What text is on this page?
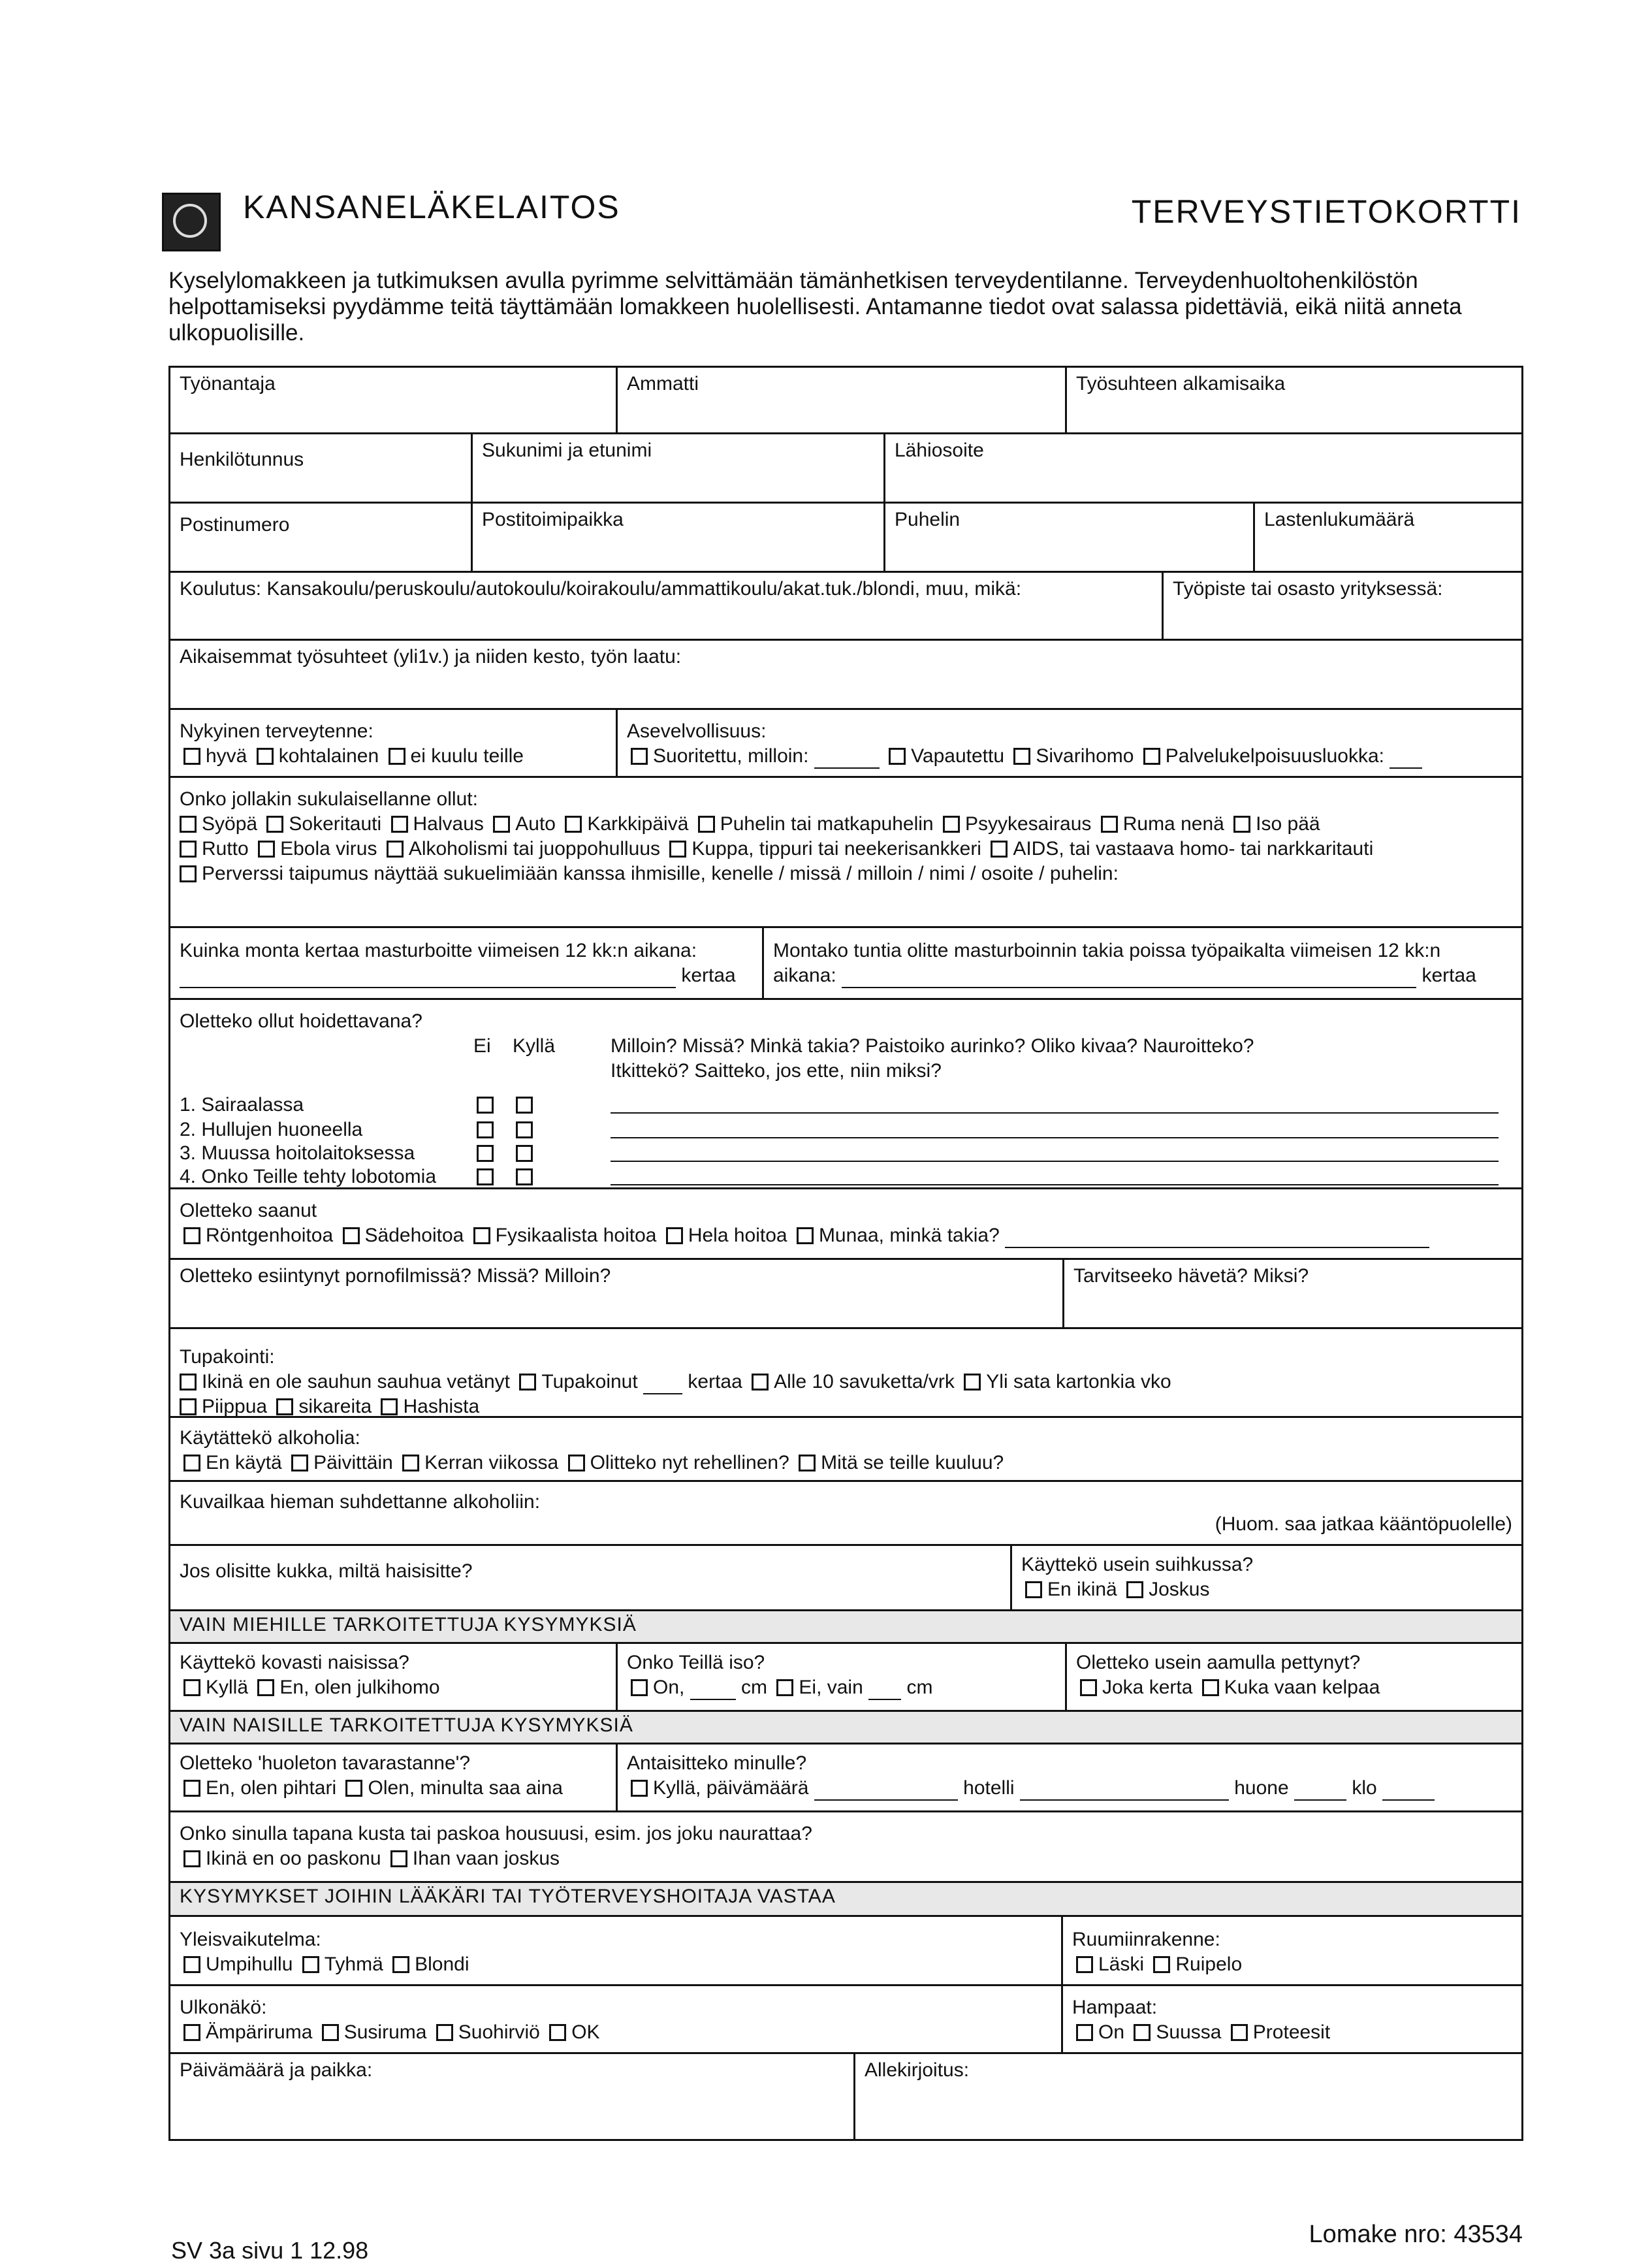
KANSANELÄKELAITOS	TERVEYSTIETOKORTTI
Kyselylomakkeen ja tutkimuksen avulla pyrimme selvittämään tämänhetkisen terveydentilanne. Terveydenhuoltohenkilöstön helpottamiseksi pyydämme teitä täyttämään lomakkeen huolellisesti. Antamanne tiedot ovat salassa pidettäviä, eikä niitä anneta ulkopuolisille.
Työnantaja	Ammatti	Työsuhteen alkamisaika
Henkilötunnus	Sukunimi ja etunimi	Lähiosoite
Postinumero	Postitoimipaikka	Puhelin	Lastenlukumäärä
Koulutus: Kansakoulu/peruskoulu/autokoulu/koirakoulu/ammattikoulu/akat.tuk./blondi, muu, mikä:	Työpiste tai osasto yrityksessä:
Aikaisemmat työsuhteet (yli1v.) ja niiden kesto, työn laatu:
Nykyinen terveytenne:
hyvä kohtalainen ei kuulu teille
Asevelvollisuus:
Suoritettu, milloin:	Vapautettu Sivarihomo Palvelukelpoisuusluokka:
Onko jollakin sukulaisellanne ollut:
Syöpä Sokeritauti Halvaus Auto Karkkipäivä Puhelin tai matkapuhelin Psyykesairaus Ruma nenä Iso pää
Rutto Ebola virus Alkoholismi tai juoppohulluus Kuppa, tippuri tai neekerisankkeri AIDS, tai vastaava homo- tai narkkaritauti
Perverssi taipumus näyttää sukuelimiään kanssa ihmisille, kenelle / missä / milloin / nimi / osoite / puhelin:
Kuinka monta kertaa masturboitte viimeisen 12 kk:n aikana:
kertaa
Montako tuntia olitte masturboinnin takia poissa työpaikalta viimeisen 12 kk:n
aikana:	kertaa
Oletteko ollut hoidettavana?
Ei Kyllä	Milloin? Missä? Minkä takia? Paistoiko aurinko? Oliko kivaa? Nauroitteko?
Itkittekö? Saitteko, jos ette, niin miksi?
1. Sairaalassa
2. Hullujen huoneella
3. Muussa hoitolaitoksessa
4. Onko Teille tehty lobotomia
Oletteko saanut
Röntgenhoitoa Sädehoitoa Fysikaalista hoitoa Hela hoitoa Munaa, minkä takia?
Oletteko esiintynyt pornofilmissä? Missä? Milloin?	Tarvitseeko hävetä? Miksi?
Tupakointi:
Ikinä en ole sauhun sauhua vetänyt Tupakoinut	kertaa Alle 10 savuketta/vrk Yli sata kartonkia vko
Piippua sikareita Hashista
Käytättekö alkoholia:
En käytä Päivittäin Kerran viikossa Olitteko nyt rehellinen? Mitä se teille kuuluu?
Kuvailkaa hieman suhdettanne alkoholiin:
(Huom. saa jatkaa kääntöpuolelle)
Jos olisitte kukka, miltä haisisitte?	Käyttekö usein suihkussa?
En ikinä Joskus
VAIN MIEHILLE TARKOITETTUJA KYSYMYKSIÄ
Käyttekö kovasti naisissa?
Kyllä En, olen julkihomo
Onko Teillä iso?
On,	cm Ei, vain cm
Oletteko usein aamulla pettynyt?
Joka kerta Kuka vaan kelpaa
VAIN NAISILLE TARKOITETTUJA KYSYMYKSIÄ
Oletteko 'huoleton tavarastanne'?
En, olen pihtari Olen, minulta saa aina
Antaisitteko minulle?
Kyllä, päivämäärä	hotelli	huone	klo
Onko sinulla tapana kusta tai paskoa housuusi, esim. jos joku naurattaa?
Ikinä en oo paskonu Ihan vaan joskus
KYSYMYKSET JOIHIN LÄÄKÄRI TAI TYÖTERVEYSHOITAJA VASTAA
Yleisvaikutelma:
Umpihullu Tyhmä Blondi
Ruumiinrakenne:
Läski Ruipelo
Ulkonäkö:
Ämpäriruma Susiruma Suohirviö OK
Hampaat:
On Suussa Proteesit
Päivämäärä ja paikka:	Allekirjoitus:
SV 3a sivu 1 12.98
Lomake nro: 43534
